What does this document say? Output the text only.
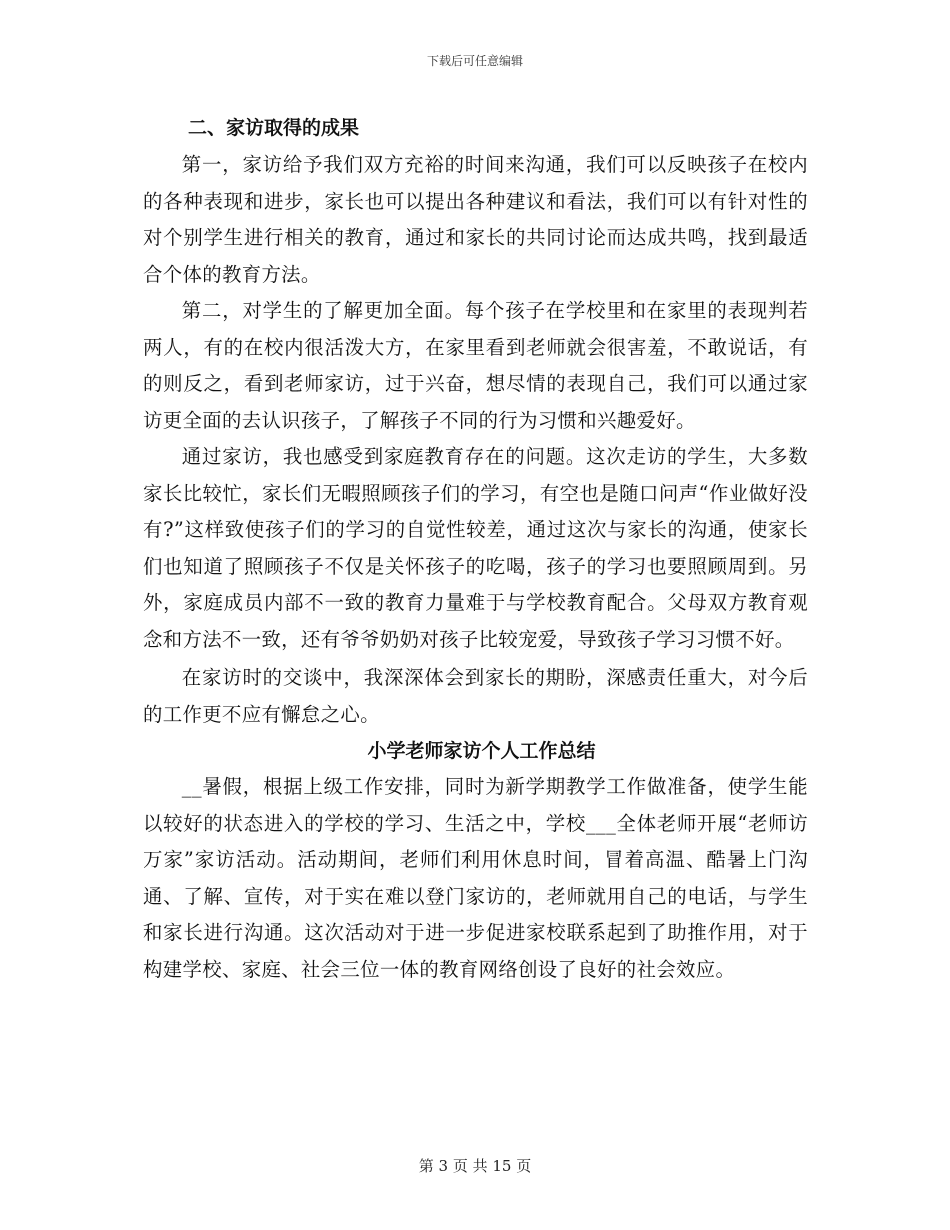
下载后可任意编辑
二、家访取得的成果

第一，家访给予我们双方充裕的时间来沟通，我们可以反映孩子在校内的各种表现和进步，家长也可以提出各种建议和看法，我们可以有针对性的对个别学生进行相关的教育，通过和家长的共同讨论而达成共鸣，找到最适合个体的教育方法。

第二，对学生的了解更加全面。每个孩子在学校里和在家里的表现判若两人，有的在校内很活泼大方，在家里看到老师就会很害羞，不敢说话，有的则反之，看到老师家访，过于兴奋，想尽情的表现自己，我们可以通过家访更全面的去认识孩子，了解孩子不同的行为习惯和兴趣爱好。

通过家访，我也感受到家庭教育存在的问题。这次走访的学生，大多数家长比较忙，家长们无暇照顾孩子们的学习，有空也是随口问声“作业做好没有?”这样致使孩子们的学习的自觉性较差，通过这次与家长的沟通，使家长们也知道了照顾孩子不仅是关怀孩子的吃喝，孩子的学习也要照顾周到。另外，家庭成员内部不一致的教育力量难于与学校教育配合。父母双方教育观念和方法不一致，还有爷爷奶奶对孩子比较宠爱，导致孩子学习习惯不好。

在家访时的交谈中，我深深体会到家长的期盼，深感责任重大，对今后的工作更不应有懈怠之心。

小学老师家访个人工作总结

__暑假，根据上级工作安排，同时为新学期教学工作做准备，使学生能以较好的状态进入的学校的学习、生活之中，学校___全体老师开展“老师访万家”家访活动。活动期间，老师们利用休息时间，冒着高温、酷暑上门沟通、了解、宣传，对于实在难以登门家访的，老师就用自己的电话，与学生和家长进行沟通。这次活动对于进一步促进家校联系起到了助推作用，对于构建学校、家庭、社会三位一体的教育网络创设了良好的社会效应。

第 3 页 共 15 页
